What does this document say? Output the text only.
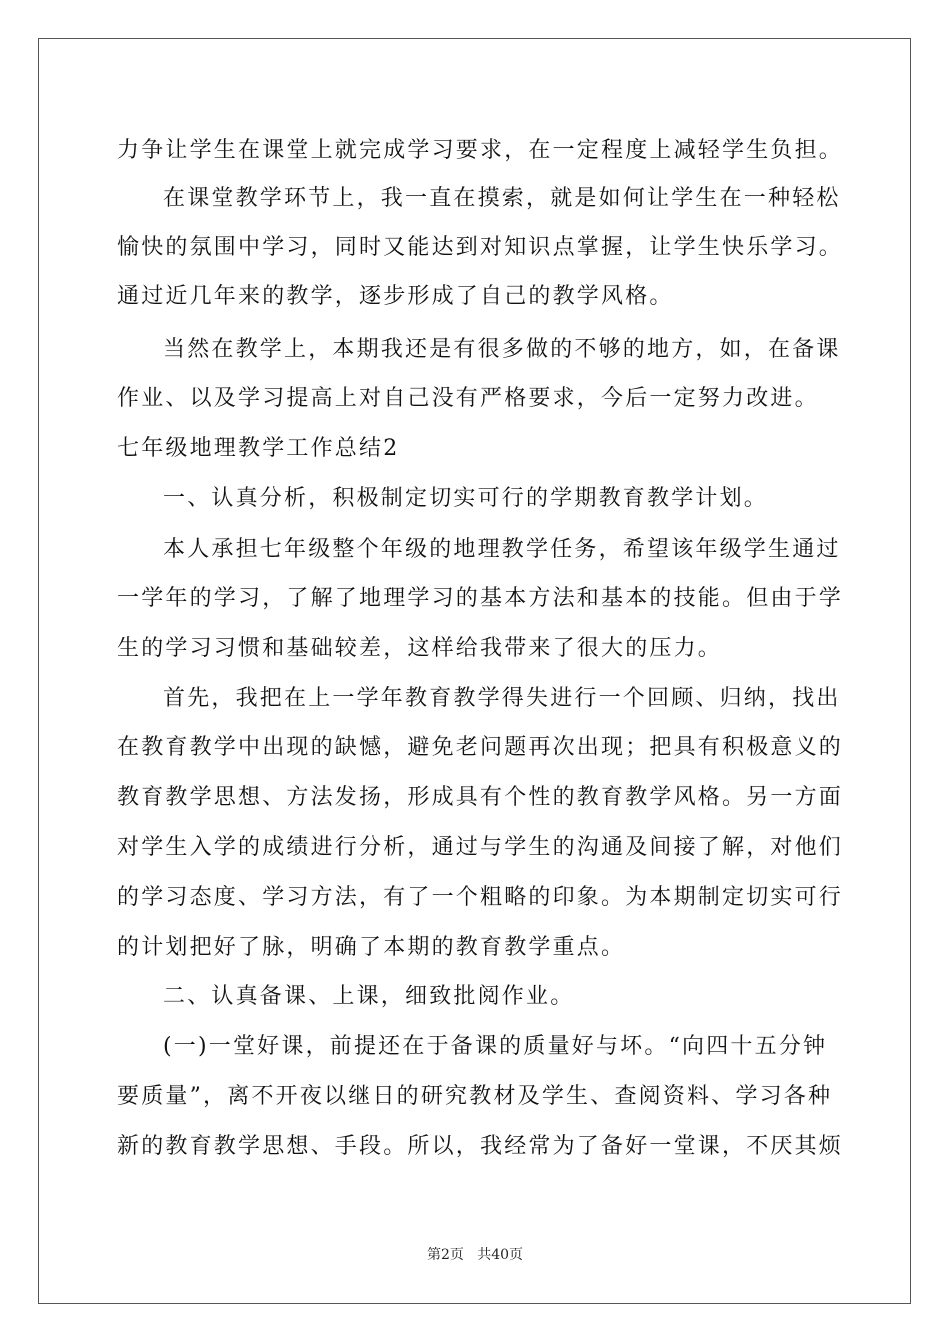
力争让学生在课堂上就完成学习要求，在一定程度上减轻学生负担。
在课堂教学环节上，我一直在摸索，就是如何让学生在一种轻松
愉快的氛围中学习，同时又能达到对知识点掌握，让学生快乐学习。
通过近几年来的教学，逐步形成了自己的教学风格。
当然在教学上，本期我还是有很多做的不够的地方，如，在备课
作业、以及学习提高上对自己没有严格要求，今后一定努力改进。
七年级地理教学工作总结2
一、认真分析，积极制定切实可行的学期教育教学计划。
本人承担七年级整个年级的地理教学任务，希望该年级学生通过
一学年的学习，了解了地理学习的基本方法和基本的技能。但由于学
生的学习习惯和基础较差，这样给我带来了很大的压力。
首先，我把在上一学年教育教学得失进行一个回顾、归纳，找出
在教育教学中出现的缺憾，避免老问题再次出现；把具有积极意义的
教育教学思想、方法发扬，形成具有个性的教育教学风格。另一方面
对学生入学的成绩进行分析，通过与学生的沟通及间接了解，对他们
的学习态度、学习方法，有了一个粗略的印象。为本期制定切实可行
的计划把好了脉，明确了本期的教育教学重点。
二、认真备课、上课，细致批阅作业。
(一)一堂好课，前提还在于备课的质量好与坏。“向四十五分钟
要质量”，离不开夜以继日的研究教材及学生、查阅资料、学习各种
新的教育教学思想、手段。所以，我经常为了备好一堂课，不厌其烦
第2页   共40页
